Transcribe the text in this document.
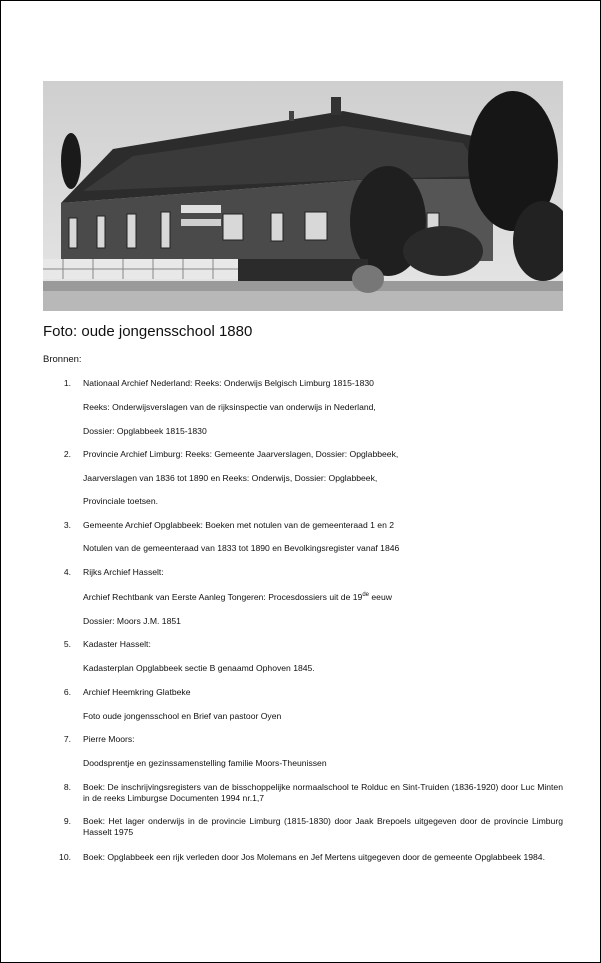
Foto: oude jongensschool 1880
Bronnen:
1. Nationaal Archief Nederland: Reeks: Onderwijs Belgisch Limburg 1815-1830
Reeks: Onderwijsverslagen van de rijksinspectie van onderwijs in Nederland,
Dossier: Opglabbeek 1815-1830
2. Provincie Archief Limburg: Reeks: Gemeente Jaarverslagen, Dossier: Opglabbeek,
Jaarverslagen van 1836 tot 1890 en Reeks: Onderwijs, Dossier: Opglabbeek,
Provinciale toetsen.
3. Gemeente Archief Opglabbeek: Boeken met notulen van de gemeenteraad 1 en 2
Notulen van de gemeenteraad van 1833 tot 1890 en Bevolkingsregister vanaf 1846
4. Rijks Archief Hasselt:
Archief Rechtbank van Eerste Aanleg Tongeren: Procesdossiers uit de 19de eeuw
Dossier: Moors J.M. 1851
5. Kadaster Hasselt:
Kadasterplan Opglabbeek sectie B genaamd Ophoven 1845.
6. Archief Heemkring Glatbeke
Foto oude jongensschool en Brief van pastoor Oyen
7. Pierre Moors:
Doodsprentje en gezinssamenstelling familie Moors-Theunissen
8. Boek: De inschrijvingsregisters van de bisschoppelijke normaalschool te Rolduc en Sint-Truiden (1836-1920) door Luc Minten in de reeks Limburgse Documenten 1994 nr.1,7
9. Boek: Het lager onderwijs in de provincie Limburg (1815-1830) door Jaak Brepoels uitgegeven door de provincie Limburg Hasselt 1975
10. Boek: Opglabbeek een rijk verleden door Jos Molemans en Jef Mertens uitgegeven door de gemeente Opglabbeek 1984.
